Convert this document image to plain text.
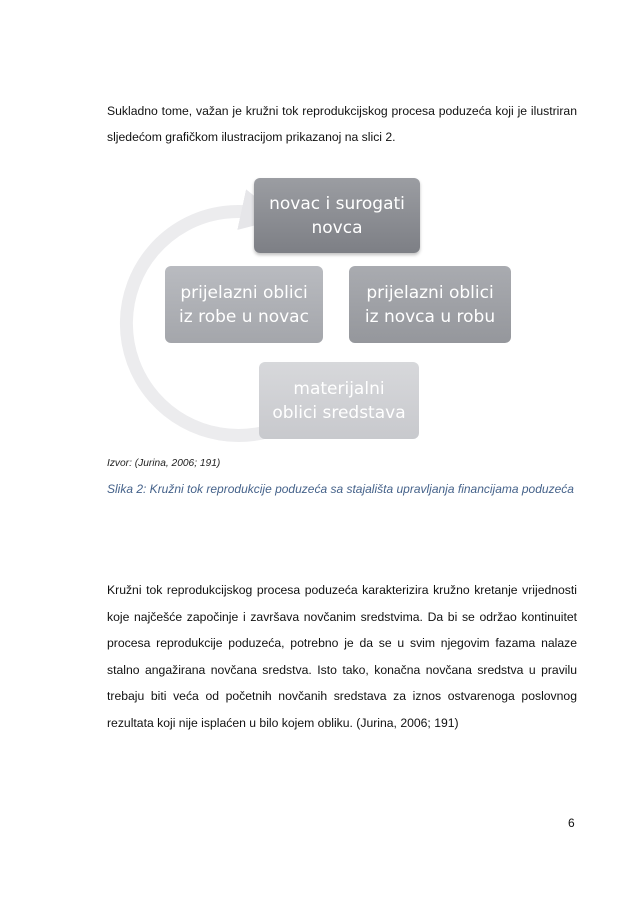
Sukladno tome, važan je kružni tok reprodukcijskog procesa poduzeća koji je ilustriran sljedećom grafičkom ilustracijom prikazanoj na slici 2.

novac i surogati
novca
prijelazni oblici
iz robe u novac
prijelazni oblici
iz novca u robu
materijalni
oblici sredstava
Izvor: (Jurina, 2006; 191)
Slika 2: Kružni tok reprodukcije poduzeća sa stajališta upravljanja financijama poduzeća

Kružni tok reprodukcijskog procesa poduzeća karakterizira kružno kretanje vrijednosti koje najčešće započinje i završava novčanim sredstvima. Da bi se održao kontinuitet procesa reprodukcije poduzeća, potrebno je da se u svim njegovim fazama nalaze stalno angažirana novčana sredstva. Isto tako, konačna novčana sredstva u pravilu trebaju biti veća od početnih novčanih sredstava za iznos ostvarenoga poslovnog rezultata koji nije isplaćen u bilo kojem obliku. (Jurina, 2006; 191)

6
